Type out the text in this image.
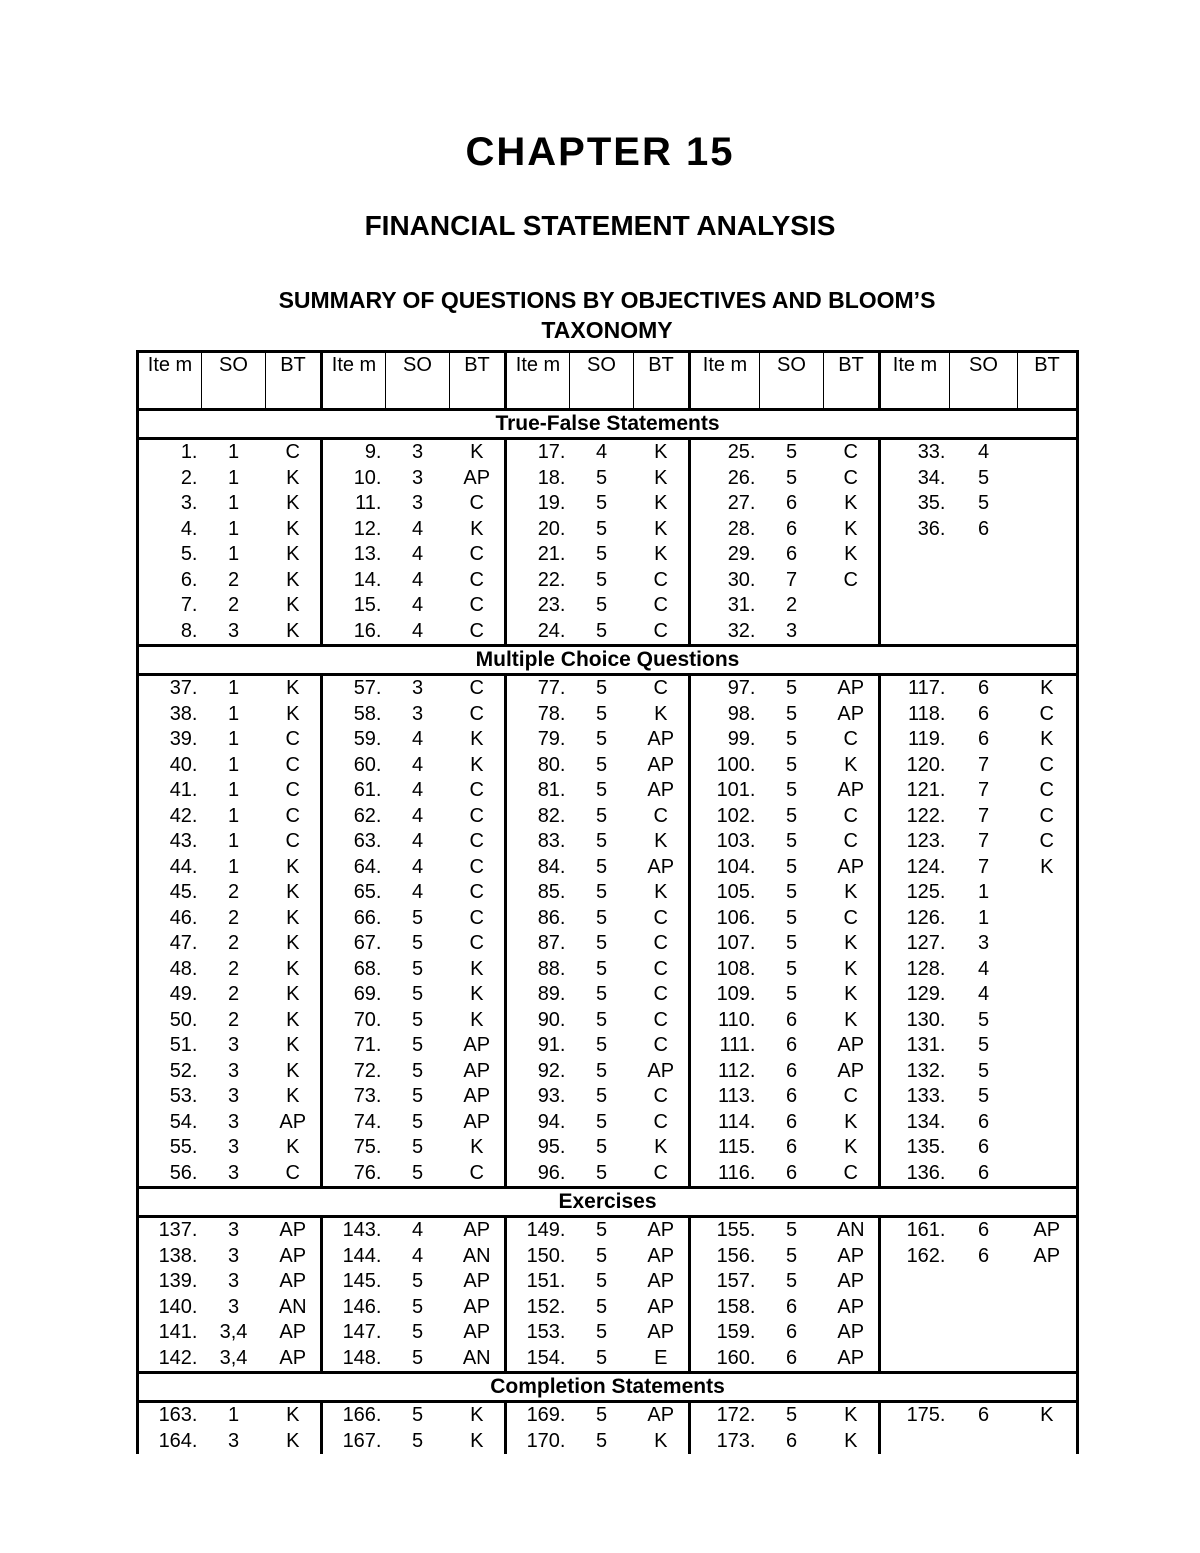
CHAPTER 15
FINANCIAL STATEMENT ANALYSIS
SUMMARY OF QUESTIONS BY OBJECTIVES AND BLOOM’S
TAXONOMY
Ite m	SO	BT	Ite m	SO	BT	Ite m	SO	BT	Ite m	SO	BT	Ite m	SO	BT
True-False Statements														
1.	1	C	9.	3	K	17.	4	K	25.	5	C	33.	4	
2.	1	K	10.	3	AP	18.	5	K	26.	5	C	34.	5	
3.	1	K	11.	3	C	19.	5	K	27.	6	K	35.	5	
4.	1	K	12.	4	K	20.	5	K	28.	6	K	36.	6	
5.	1	K	13.	4	C	21.	5	K	29.	6	K			
6.	2	K	14.	4	C	22.	5	C	30.	7	C			
7.	2	K	15.	4	C	23.	5	C	31.	2				
8.	3	K	16.	4	C	24.	5	C	32.	3				
Multiple Choice Questions														
37.	1	K	57.	3	C	77.	5	C	97.	5	AP	117.	6	K
38.	1	K	58.	3	C	78.	5	K	98.	5	AP	118.	6	C
39.	1	C	59.	4	K	79.	5	AP	99.	5	C	119.	6	K
40.	1	C	60.	4	K	80.	5	AP	100.	5	K	120.	7	C
41.	1	C	61.	4	C	81.	5	AP	101.	5	AP	121.	7	C
42.	1	C	62.	4	C	82.	5	C	102.	5	C	122.	7	C
43.	1	C	63.	4	C	83.	5	K	103.	5	C	123.	7	C
44.	1	K	64.	4	C	84.	5	AP	104.	5	AP	124.	7	K
45.	2	K	65.	4	C	85.	5	K	105.	5	K	125.	1	
46.	2	K	66.	5	C	86.	5	C	106.	5	C	126.	1	
47.	2	K	67.	5	C	87.	5	C	107.	5	K	127.	3	
48.	2	K	68.	5	K	88.	5	C	108.	5	K	128.	4	
49.	2	K	69.	5	K	89.	5	C	109.	5	K	129.	4	
50.	2	K	70.	5	K	90.	5	C	110.	6	K	130.	5	
51.	3	K	71.	5	AP	91.	5	C	111.	6	AP	131.	5	
52.	3	K	72.	5	AP	92.	5	AP	112.	6	AP	132.	5	
53.	3	K	73.	5	AP	93.	5	C	113.	6	C	133.	5	
54.	3	AP	74.	5	AP	94.	5	C	114.	6	K	134.	6	
55.	3	K	75.	5	K	95.	5	K	115.	6	K	135.	6	
56.	3	C	76.	5	C	96.	5	C	116.	6	C	136.	6	
Exercises														
137.	3	AP	143.	4	AP	149.	5	AP	155.	5	AN	161.	6	AP
138.	3	AP	144.	4	AN	150.	5	AP	156.	5	AP	162.	6	AP
139.	3	AP	145.	5	AP	151.	5	AP	157.	5	AP			
140.	3	AN	146.	5	AP	152.	5	AP	158.	6	AP			
141.	3,4	AP	147.	5	AP	153.	5	AP	159.	6	AP			
142.	3,4	AP	148.	5	AN	154.	5	E	160.	6	AP			
Completion Statements														
163.	1	K	166.	5	K	169.	5	AP	172.	5	K	175.	6	K
164.	3	K	167.	5	K	170.	5	K	173.	6	K			
